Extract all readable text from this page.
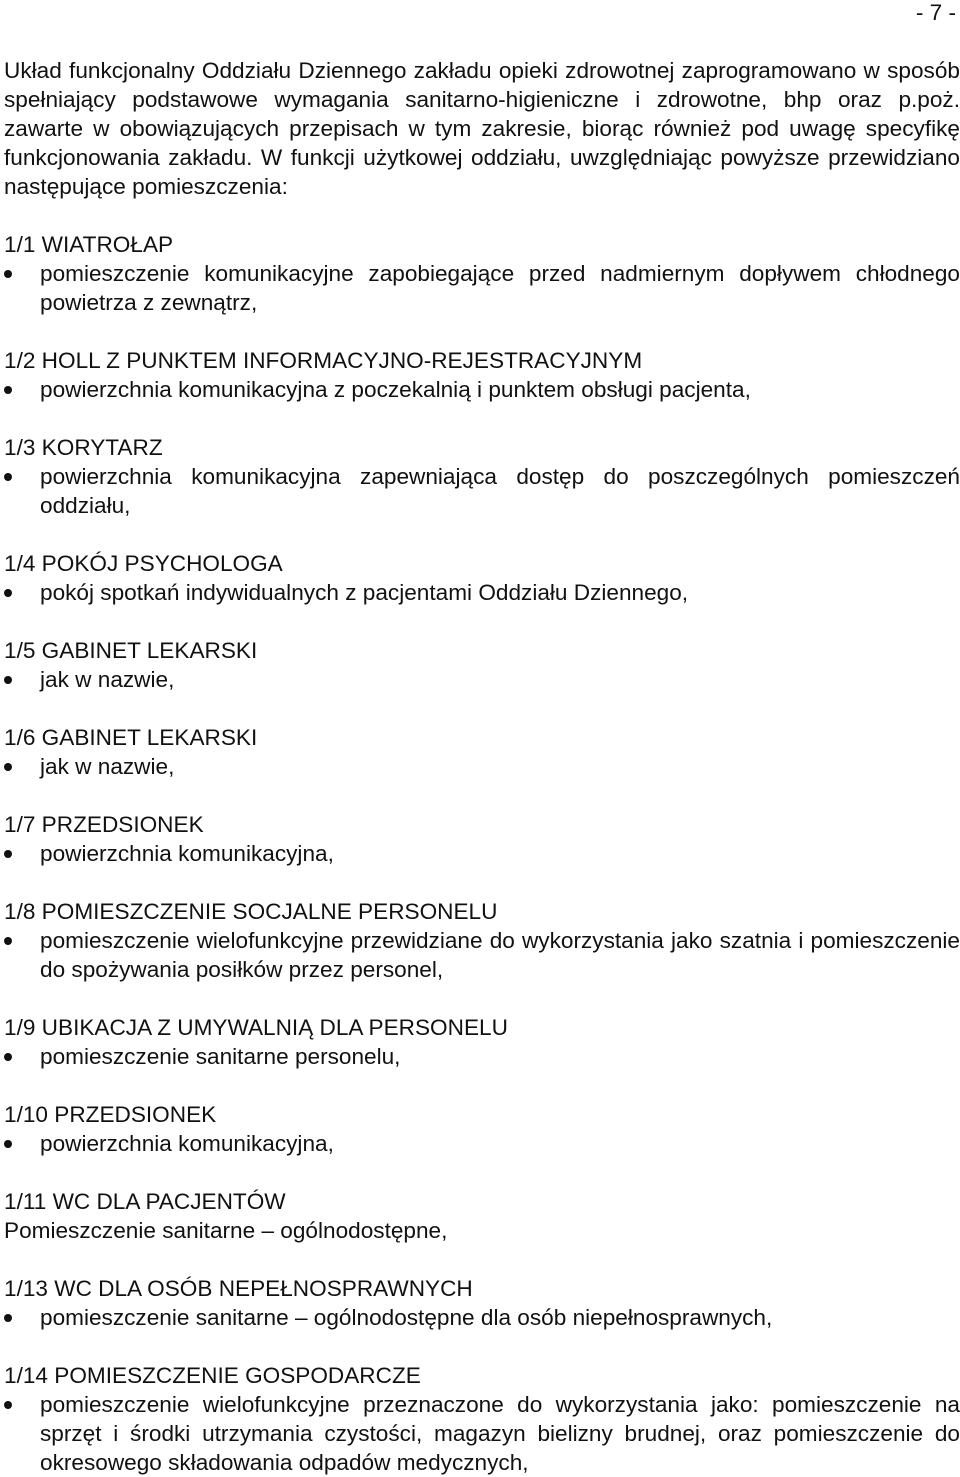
- 7 -

Układ funkcjonalny Oddziału Dziennego zakładu opieki zdrowotnej zaprogramowano w sposób spełniający podstawowe wymagania sanitarno-higieniczne i zdrowotne, bhp oraz p.poż. zawarte w obowiązujących przepisach w tym zakresie, biorąc również pod uwagę specyfikę funkcjonowania zakładu. W funkcji użytkowej oddziału, uwzględniając powyższe przewidziano następujące pomieszczenia:

1/1 WIATROŁAP

pomieszczenie komunikacyjne zapobiegające przed nadmiernym dopływem chłodnego powietrza z zewnątrz,

1/2 HOLL Z PUNKTEM INFORMACYJNO-REJESTRACYJNYM

powierzchnia komunikacyjna z poczekalnią i punktem obsługi pacjenta,

1/3 KORYTARZ

powierzchnia komunikacyjna zapewniająca dostęp do poszczególnych pomieszczeń oddziału,

1/4 POKÓJ PSYCHOLOGA

pokój spotkań indywidualnych z pacjentami Oddziału Dziennego,

1/5 GABINET LEKARSKI

jak w nazwie,

1/6 GABINET LEKARSKI

jak w nazwie,

1/7 PRZEDSIONEK

powierzchnia komunikacyjna,

1/8 POMIESZCZENIE SOCJALNE PERSONELU

pomieszczenie wielofunkcyjne przewidziane do wykorzystania jako szatnia i pomieszczenie do spożywania posiłków przez personel,

1/9 UBIKACJA Z UMYWALNIĄ DLA PERSONELU

pomieszczenie sanitarne personelu,

1/10 PRZEDSIONEK

powierzchnia komunikacyjna,

1/11 WC DLA PACJENTÓW

Pomieszczenie sanitarne – ogólnodostępne,

1/13 WC DLA OSÓB NEPEŁNOSPRAWNYCH

pomieszczenie sanitarne – ogólnodostępne dla osób niepełnosprawnych,

1/14 POMIESZCZENIE GOSPODARCZE

pomieszczenie wielofunkcyjne przeznaczone do wykorzystania jako: pomieszczenie na sprzęt i środki utrzymania czystości, magazyn bielizny brudnej, oraz pomieszczenie do okresowego składowania odpadów medycznych,
